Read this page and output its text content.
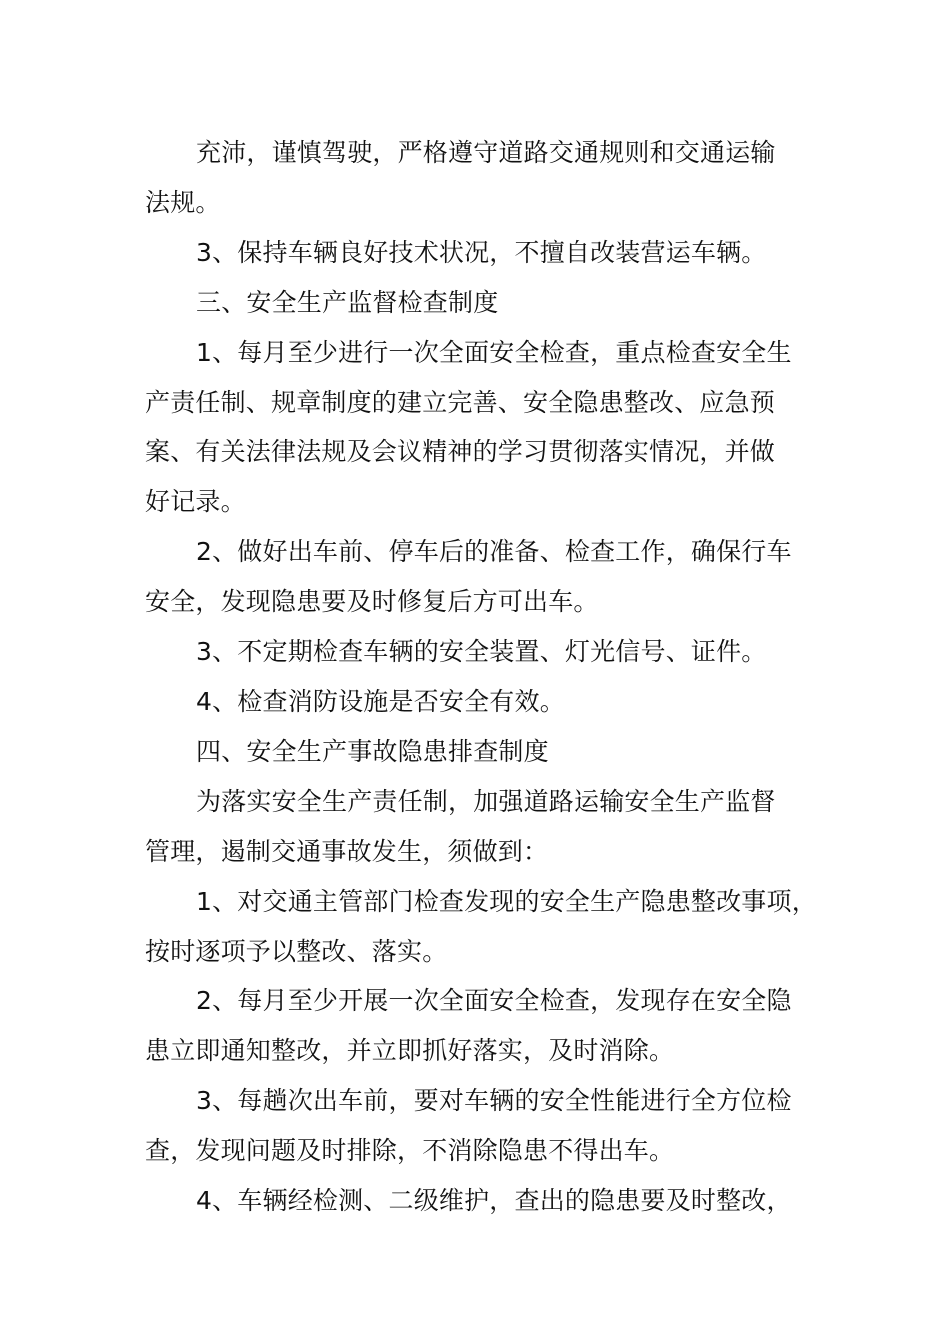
充沛，谨慎驾驶，严格遵守道路交通规则和交通运输
法规。

3、保持车辆良好技术状况，不擅自改装营运车辆。

三、安全生产监督检查制度

1、每月至少进行一次全面安全检查，重点检查安全生
产责任制、规章制度的建立完善、安全隐患整改、应急预
案、有关法律法规及会议精神的学习贯彻落实情况，并做
好记录。

2、做好出车前、停车后的准备、检查工作，确保行车
安全，发现隐患要及时修复后方可出车。

3、不定期检查车辆的安全装置、灯光信号、证件。

4、检查消防设施是否安全有效。

四、安全生产事故隐患排查制度

为落实安全生产责任制，加强道路运输安全生产监督
管理，遏制交通事故发生，须做到：

1、对交通主管部门检查发现的安全生产隐患整改事项，
按时逐项予以整改、落实。

2、每月至少开展一次全面安全检查，发现存在安全隐
患立即通知整改，并立即抓好落实，及时消除。

3、每趟次出车前，要对车辆的安全性能进行全方位检
查，发现问题及时排除，不消除隐患不得出车。

4、车辆经检测、二级维护，查出的隐患要及时整改，
